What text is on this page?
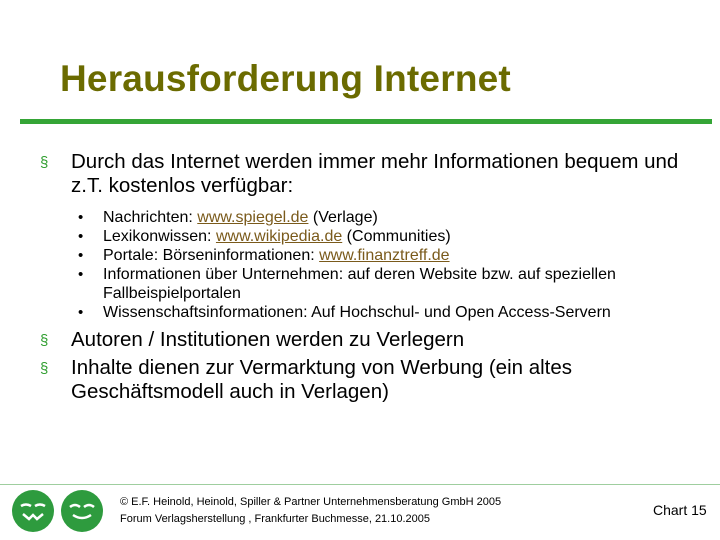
Herausforderung Internet
§	Durch das Internet werden immer mehr Informationen bequem und z.T. kostenlos verfügbar:
• Nachrichten: www.spiegel.de (Verlage)
• Lexikonwissen: www.wikipedia.de (Communities)
• Portale: Börseninformationen: www.finanztreff.de
• Informationen über Unternehmen: auf deren Website bzw. auf speziellen Fallbeispielportalen
• Wissenschaftsinformationen: Auf Hochschul- und Open Access-Servern
§	Autoren / Institutionen werden zu Verlegern
§	Inhalte dienen zur Vermarktung von Werbung (ein altes Geschäftsmodell auch in Verlagen)
© E.F. Heinold, Heinold, Spiller & Partner Unternehmensberatung GmbH 2005
Forum Verlagsherstellung , Frankfurter Buchmesse, 21.10.2005
Chart 15
